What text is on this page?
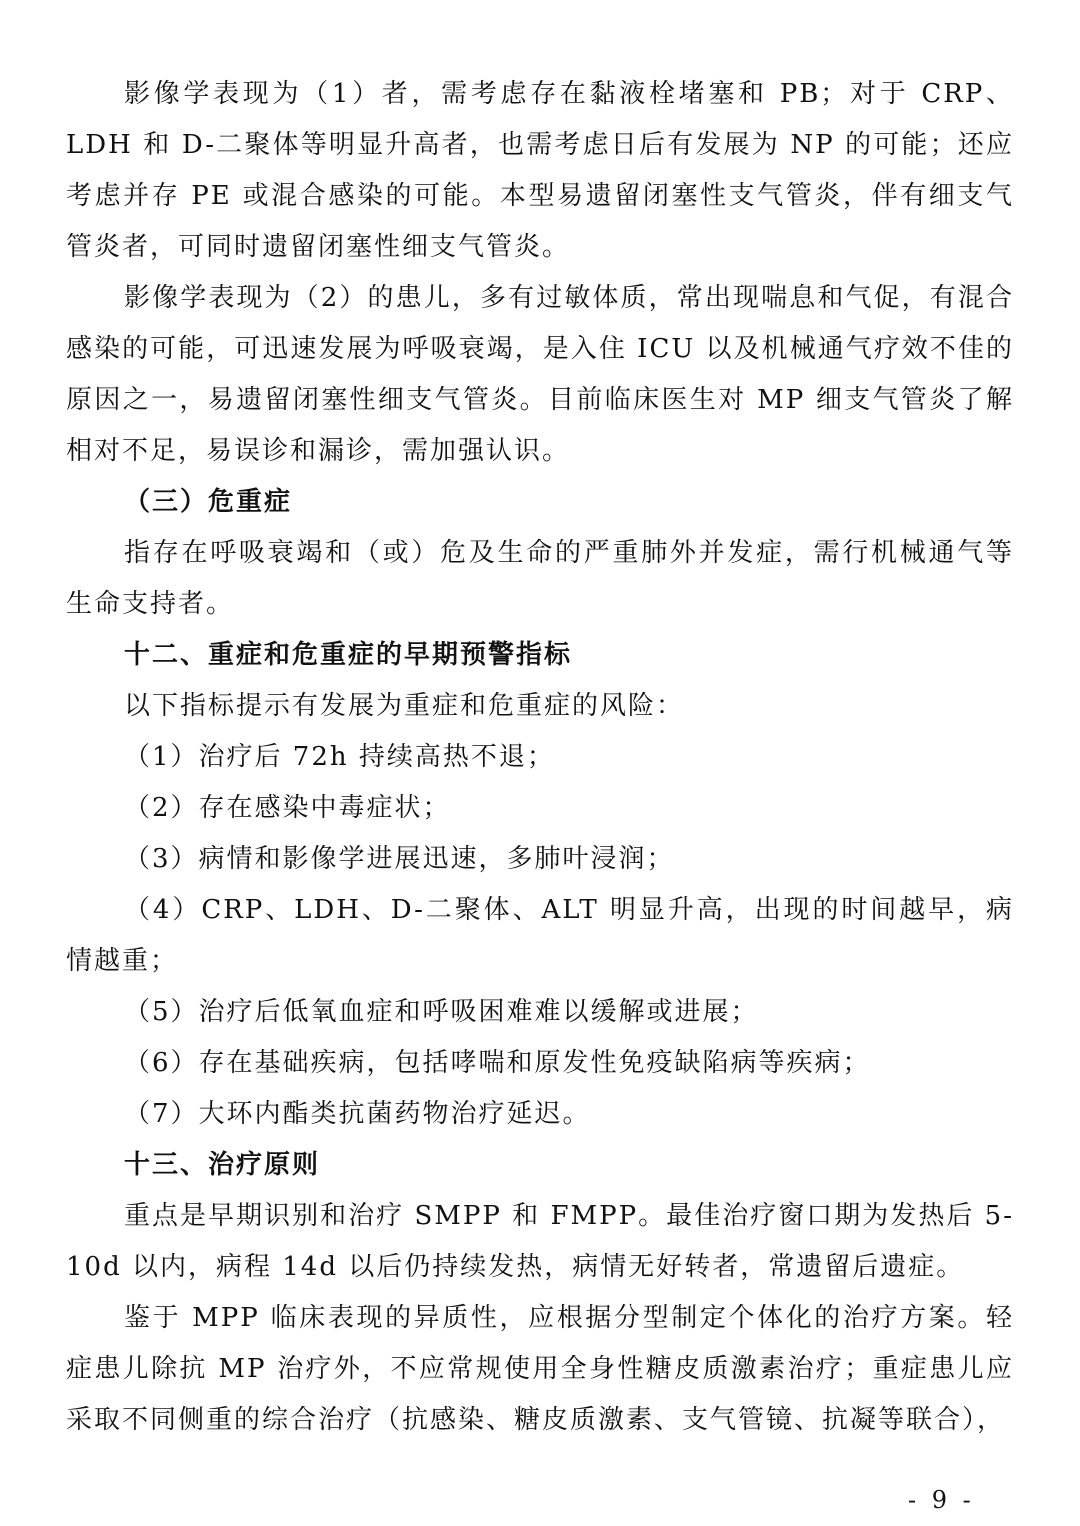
影像学表现为（1）者，需考虑存在黏液栓堵塞和 PB；对于 CRP、LDH 和 D-二聚体等明显升高者，也需考虑日后有发展为 NP 的可能；还应考虑并存 PE 或混合感染的可能。本型易遗留闭塞性支气管炎，伴有细支气管炎者，可同时遗留闭塞性细支气管炎。

影像学表现为（2）的患儿，多有过敏体质，常出现喘息和气促，有混合感染的可能，可迅速发展为呼吸衰竭，是入住 ICU 以及机械通气疗效不佳的原因之一，易遗留闭塞性细支气管炎。目前临床医生对 MP 细支气管炎了解相对不足，易误诊和漏诊，需加强认识。

（三）危重症

指存在呼吸衰竭和（或）危及生命的严重肺外并发症，需行机械通气等生命支持者。

十二、重症和危重症的早期预警指标

以下指标提示有发展为重症和危重症的风险：

（1）治疗后 72h 持续高热不退；

（2）存在感染中毒症状；

（3）病情和影像学进展迅速，多肺叶浸润；

（4）CRP、LDH、D-二聚体、ALT 明显升高，出现的时间越早，病情越重；

（5）治疗后低氧血症和呼吸困难难以缓解或进展；

（6）存在基础疾病，包括哮喘和原发性免疫缺陷病等疾病；

（7）大环内酯类抗菌药物治疗延迟。

十三、治疗原则

重点是早期识别和治疗 SMPP 和 FMPP。最佳治疗窗口期为发热后 5-10d 以内，病程 14d 以后仍持续发热，病情无好转者，常遗留后遗症。

鉴于 MPP 临床表现的异质性，应根据分型制定个体化的治疗方案。轻症患儿除抗 MP 治疗外，不应常规使用全身性糖皮质激素治疗；重症患儿应采取不同侧重的综合治疗（抗感染、糖皮质激素、支气管镜、抗凝等联合），

- 9 -
